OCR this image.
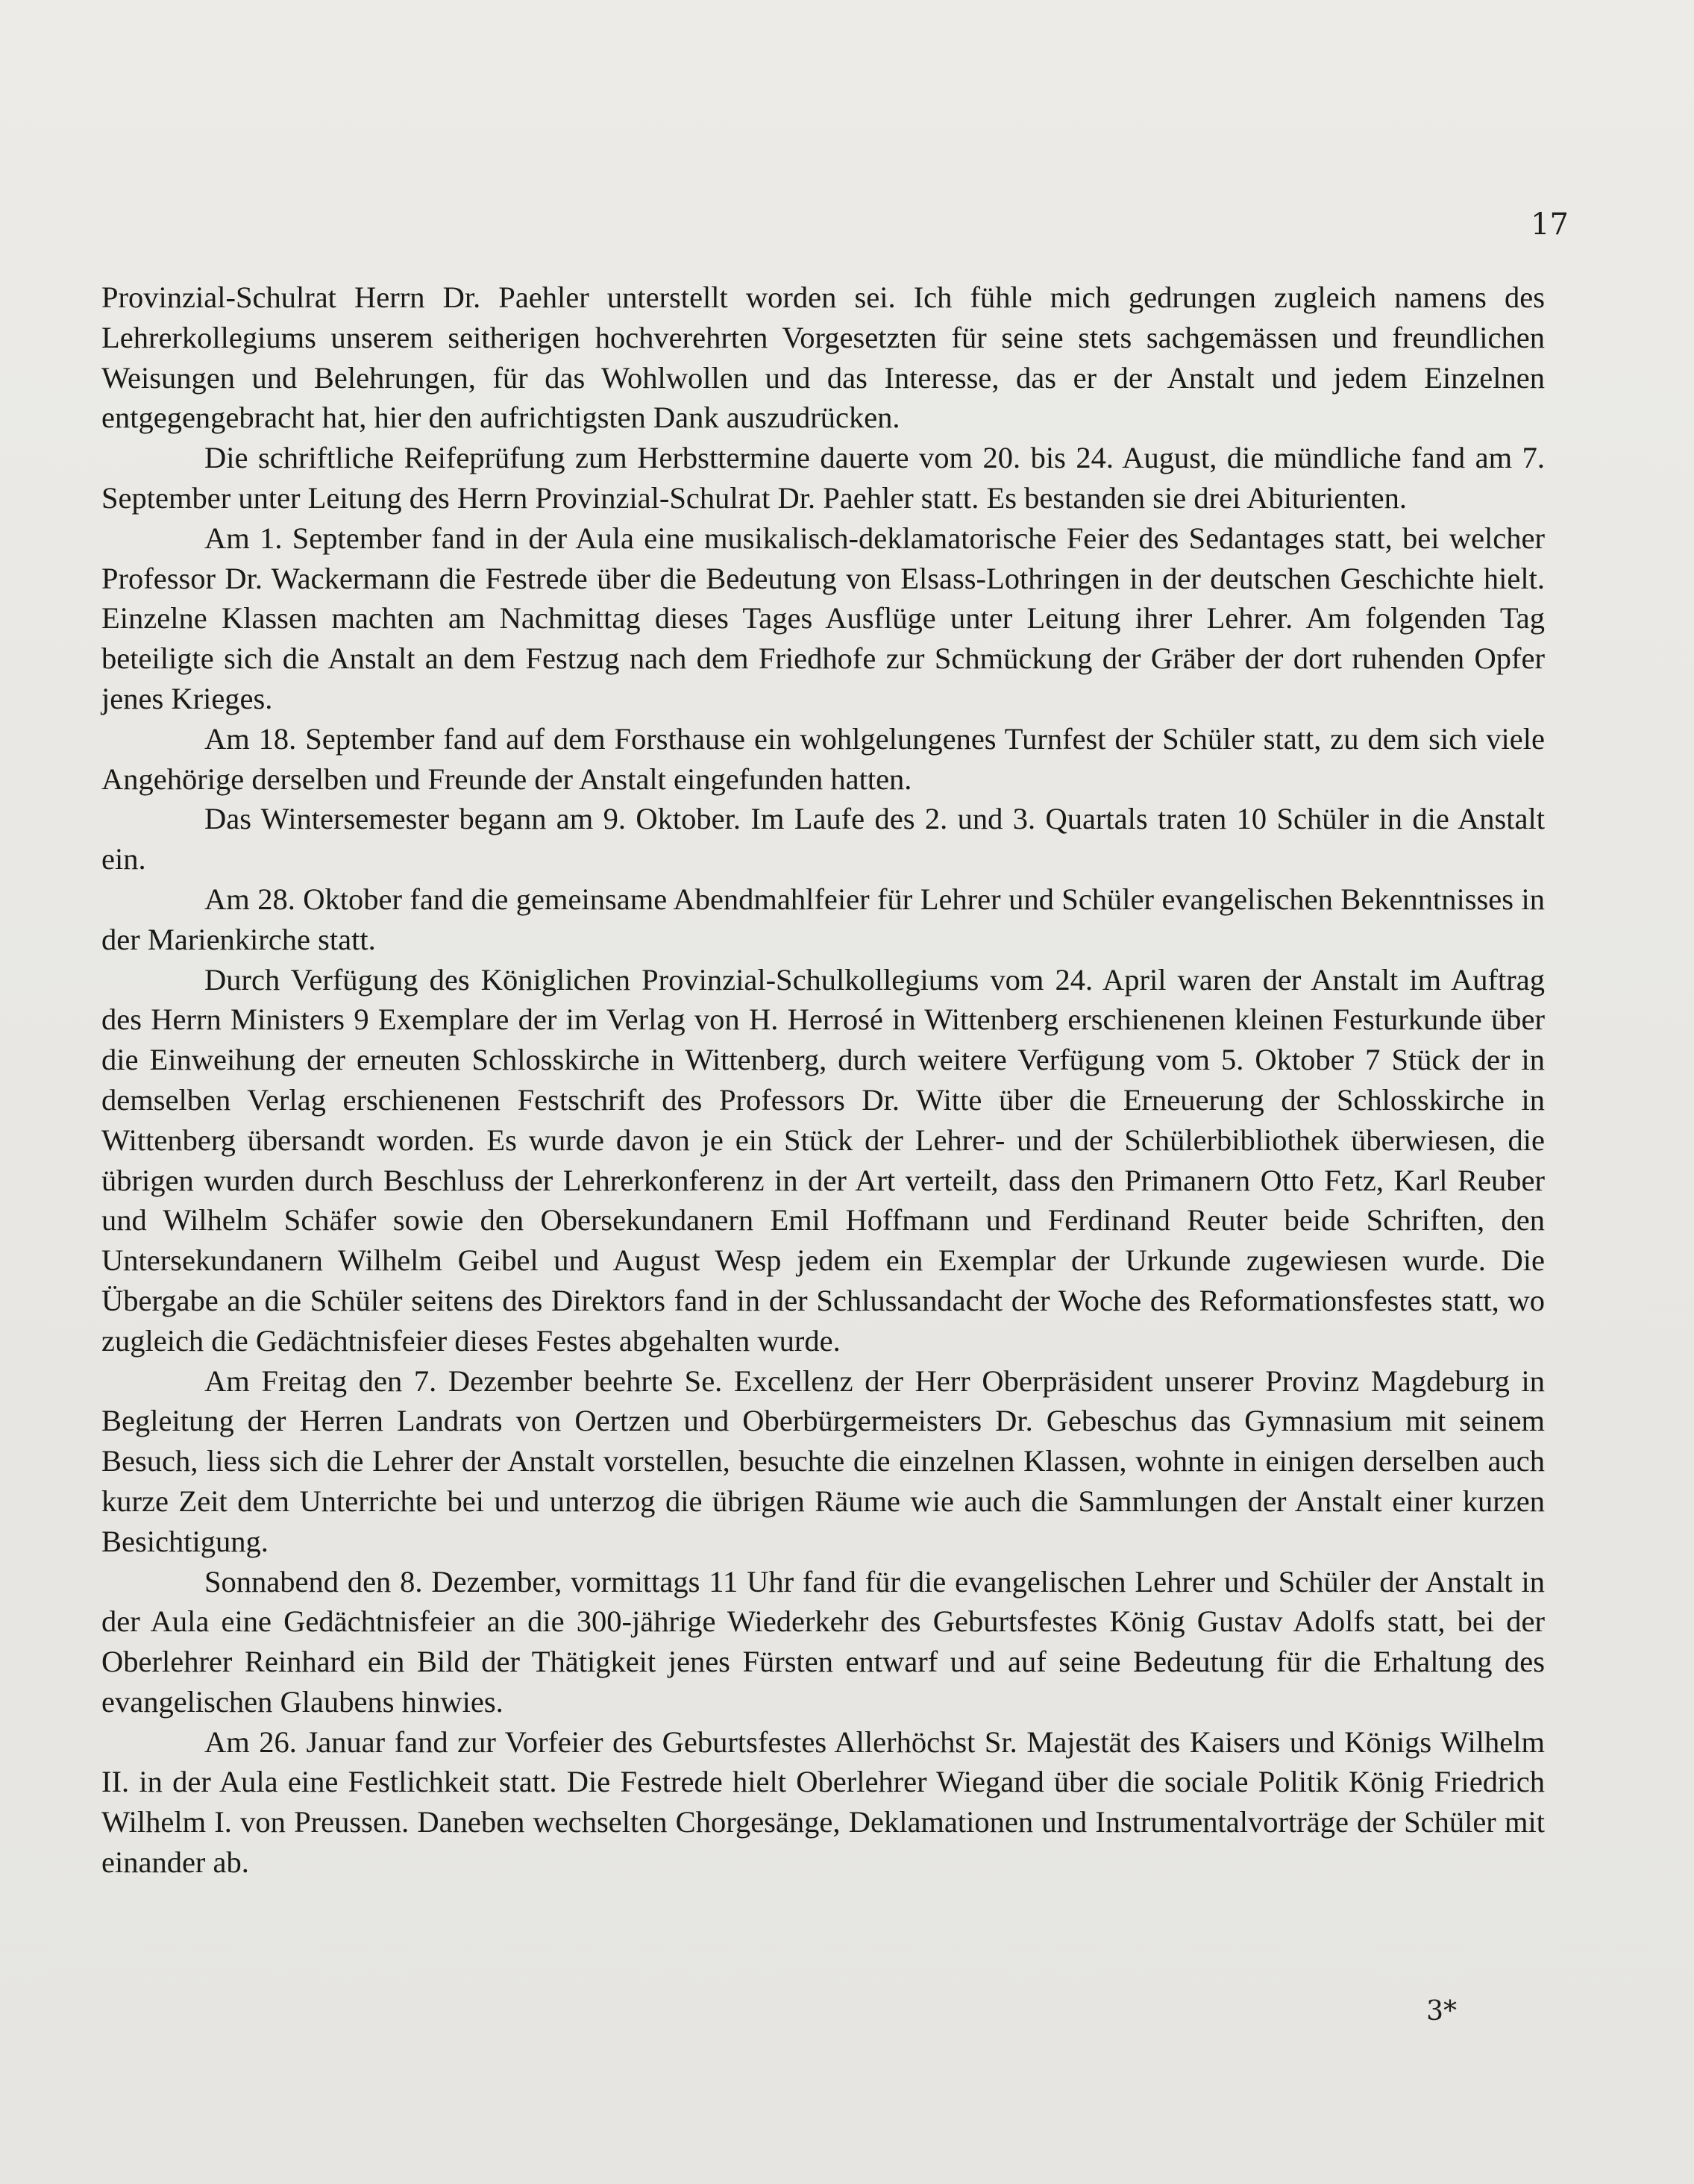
17

Provinzial-Schulrat Herrn Dr. Paehler unterstellt worden sei. Ich fühle mich gedrungen zugleich namens des Lehrerkollegiums unserem seitherigen hochverehrten Vorgesetzten für seine stets sachgemässen und freundlichen Weisungen und Belehrungen, für das Wohlwollen und das Interesse, das er der Anstalt und jedem Einzelnen entgegengebracht hat, hier den aufrichtigsten Dank auszudrücken.

Die schriftliche Reifeprüfung zum Herbsttermine dauerte vom 20. bis 24. August, die mündliche fand am 7. September unter Leitung des Herrn Provinzial-Schulrat Dr. Paehler statt. Es bestanden sie drei Abiturienten.

Am 1. September fand in der Aula eine musikalisch-deklamatorische Feier des Sedantages statt, bei welcher Professor Dr. Wackermann die Festrede über die Bedeutung von Elsass-Lothringen in der deutschen Geschichte hielt. Einzelne Klassen machten am Nachmittag dieses Tages Ausflüge unter Leitung ihrer Lehrer. Am folgenden Tag beteiligte sich die Anstalt an dem Festzug nach dem Friedhofe zur Schmückung der Gräber der dort ruhenden Opfer jenes Krieges.

Am 18. September fand auf dem Forsthause ein wohlgelungenes Turnfest der Schüler statt, zu dem sich viele Angehörige derselben und Freunde der Anstalt eingefunden hatten.

Das Wintersemester begann am 9. Oktober. Im Laufe des 2. und 3. Quartals traten 10 Schüler in die Anstalt ein.

Am 28. Oktober fand die gemeinsame Abendmahlfeier für Lehrer und Schüler evangelischen Bekenntnisses in der Marienkirche statt.

Durch Verfügung des Königlichen Provinzial-Schulkollegiums vom 24. April waren der Anstalt im Auftrag des Herrn Ministers 9 Exemplare der im Verlag von H. Herrosé in Wittenberg erschienenen kleinen Festurkunde über die Einweihung der erneuten Schlosskirche in Wittenberg, durch weitere Verfügung vom 5. Oktober 7 Stück der in demselben Verlag erschienenen Festschrift des Professors Dr. Witte über die Erneuerung der Schlosskirche in Wittenberg übersandt worden. Es wurde davon je ein Stück der Lehrer- und der Schülerbibliothek überwiesen, die übrigen wurden durch Beschluss der Lehrerkonferenz in der Art verteilt, dass den Primanern Otto Fetz, Karl Reuber und Wilhelm Schäfer sowie den Obersekundanern Emil Hoffmann und Ferdinand Reuter beide Schriften, den Untersekundanern Wilhelm Geibel und August Wesp jedem ein Exemplar der Urkunde zugewiesen wurde. Die Übergabe an die Schüler seitens des Direktors fand in der Schlussandacht der Woche des Reformationsfestes statt, wo zugleich die Gedächtnisfeier dieses Festes abgehalten wurde.

Am Freitag den 7. Dezember beehrte Se. Excellenz der Herr Oberpräsident unserer Provinz Magdeburg in Begleitung der Herren Landrats von Oertzen und Oberbürgermeisters Dr. Gebeschus das Gymnasium mit seinem Besuch, liess sich die Lehrer der Anstalt vorstellen, besuchte die einzelnen Klassen, wohnte in einigen derselben auch kurze Zeit dem Unterrichte bei und unterzog die übrigen Räume wie auch die Sammlungen der Anstalt einer kurzen Besichtigung.

Sonnabend den 8. Dezember, vormittags 11 Uhr fand für die evangelischen Lehrer und Schüler der Anstalt in der Aula eine Gedächtnisfeier an die 300-jährige Wiederkehr des Geburtsfestes König Gustav Adolfs statt, bei der Oberlehrer Reinhard ein Bild der Thätigkeit jenes Fürsten entwarf und auf seine Bedeutung für die Erhaltung des evangelischen Glaubens hinwies.

Am 26. Januar fand zur Vorfeier des Geburtsfestes Allerhöchst Sr. Majestät des Kaisers und Königs Wilhelm II. in der Aula eine Festlichkeit statt. Die Festrede hielt Oberlehrer Wiegand über die sociale Politik König Friedrich Wilhelm I. von Preussen. Daneben wechselten Chorgesänge, Deklamationen und Instrumentalvorträge der Schüler mit einander ab.

3*
